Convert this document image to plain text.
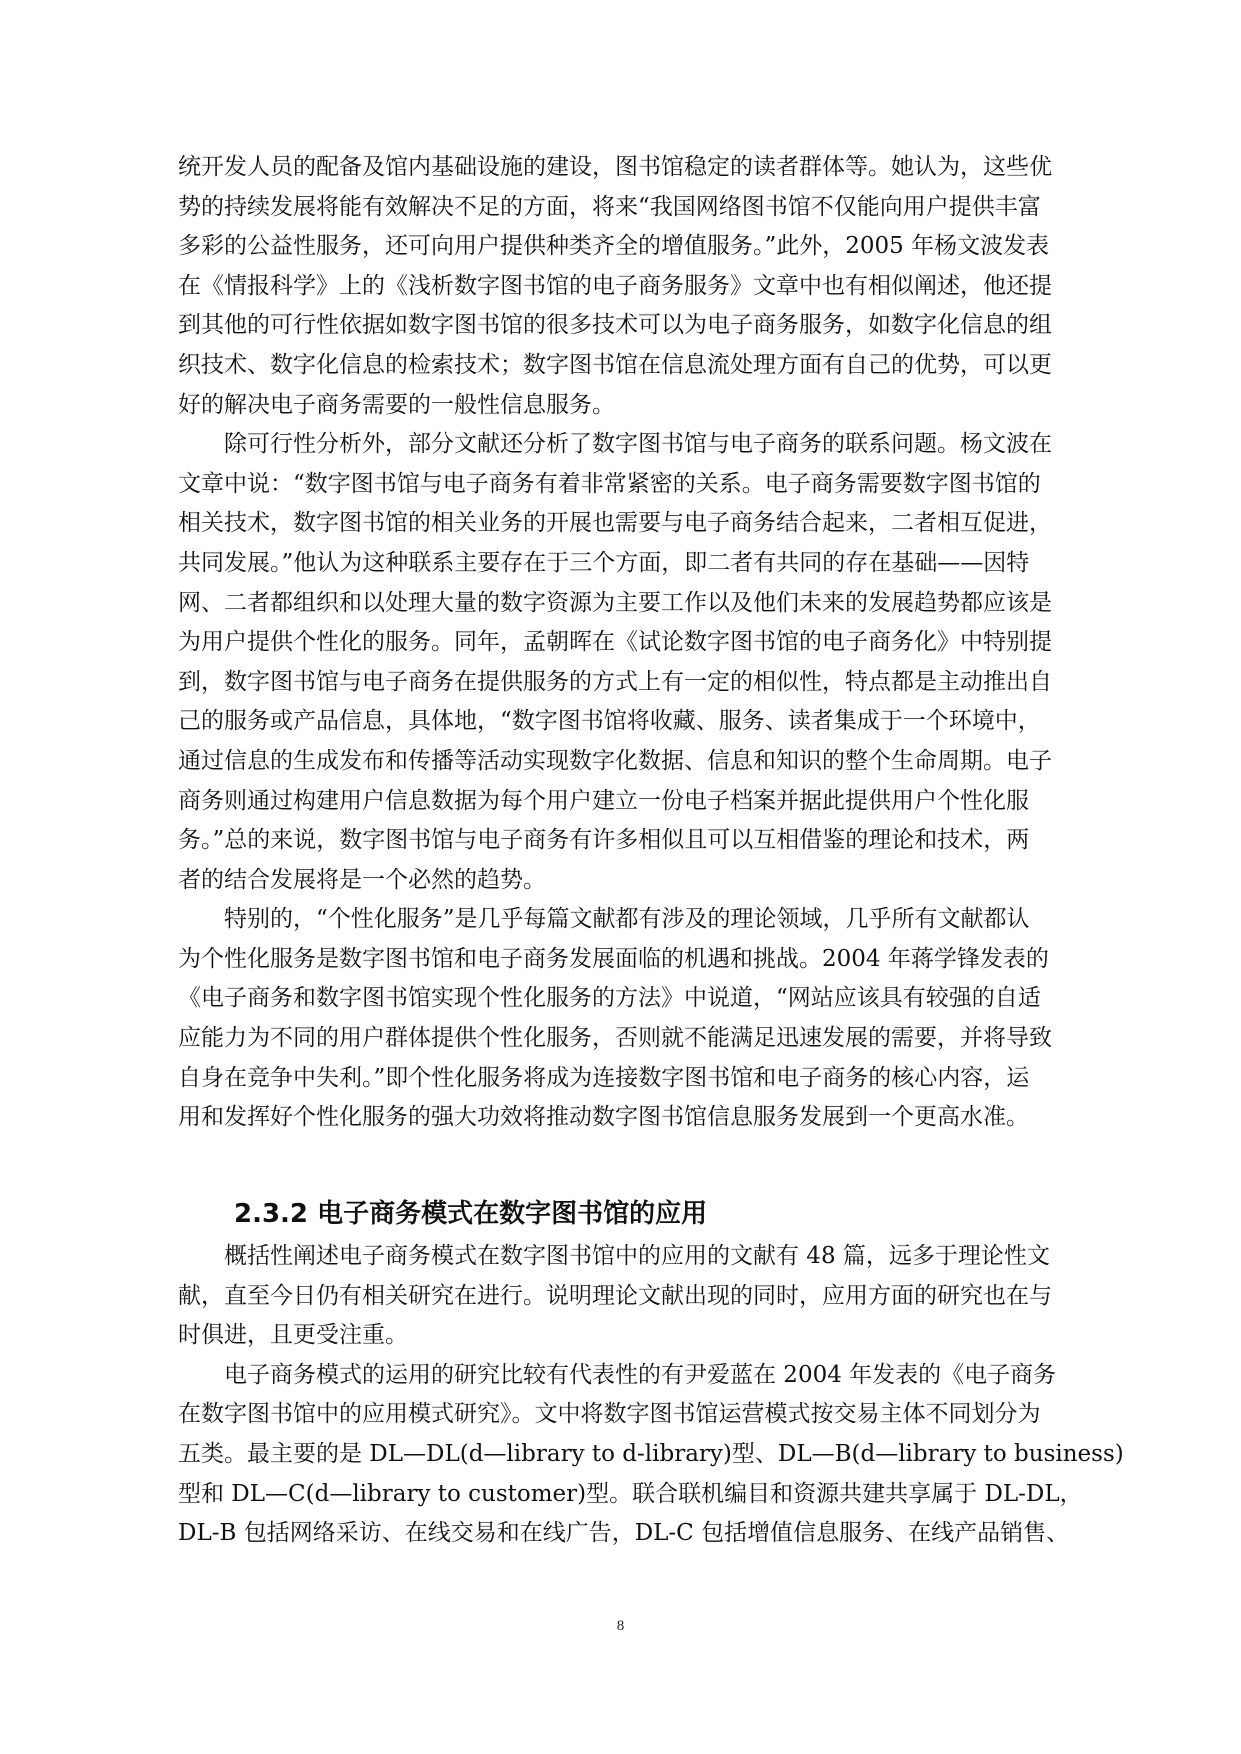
统开发人员的配备及馆内基础设施的建设，图书馆稳定的读者群体等。她认为，这些优
势的持续发展将能有效解决不足的方面，将来“我国网络图书馆不仅能向用户提供丰富
多彩的公益性服务，还可向用户提供种类齐全的增值服务。”此外，2005 年杨文波发表
在《情报科学》上的《浅析数字图书馆的电子商务服务》文章中也有相似阐述，他还提
到其他的可行性依据如数字图书馆的很多技术可以为电子商务服务，如数字化信息的组
织技术、数字化信息的检索技术；数字图书馆在信息流处理方面有自己的优势，可以更
好的解决电子商务需要的一般性信息服务。

除可行性分析外，部分文献还分析了数字图书馆与电子商务的联系问题。杨文波在
文章中说：“数字图书馆与电子商务有着非常紧密的关系。电子商务需要数字图书馆的
相关技术，数字图书馆的相关业务的开展也需要与电子商务结合起来，二者相互促进，
共同发展。”他认为这种联系主要存在于三个方面，即二者有共同的存在基础——因特
网、二者都组织和以处理大量的数字资源为主要工作以及他们未来的发展趋势都应该是
为用户提供个性化的服务。同年，孟朝晖在《试论数字图书馆的电子商务化》中特别提
到，数字图书馆与电子商务在提供服务的方式上有一定的相似性，特点都是主动推出自
己的服务或产品信息，具体地，“数字图书馆将收藏、服务、读者集成于一个环境中，
通过信息的生成发布和传播等活动实现数字化数据、信息和知识的整个生命周期。电子
商务则通过构建用户信息数据为每个用户建立一份电子档案并据此提供用户个性化服
务。”总的来说，数字图书馆与电子商务有许多相似且可以互相借鉴的理论和技术，两
者的结合发展将是一个必然的趋势。

特别的，“个性化服务”是几乎每篇文献都有涉及的理论领域，几乎所有文献都认
为个性化服务是数字图书馆和电子商务发展面临的机遇和挑战。2004 年蒋学锋发表的
《电子商务和数字图书馆实现个性化服务的方法》中说道，“网站应该具有较强的自适
应能力为不同的用户群体提供个性化服务，否则就不能满足迅速发展的需要，并将导致
自身在竞争中失利。”即个性化服务将成为连接数字图书馆和电子商务的核心内容，运
用和发挥好个性化服务的强大功效将推动数字图书馆信息服务发展到一个更高水准。

2.3.2 电子商务模式在数字图书馆的应用

概括性阐述电子商务模式在数字图书馆中的应用的文献有 48 篇，远多于理论性文
献，直至今日仍有相关研究在进行。说明理论文献出现的同时，应用方面的研究也在与
时俱进，且更受注重。

电子商务模式的运用的研究比较有代表性的有尹爱蓝在 2004 年发表的《电子商务
在数字图书馆中的应用模式研究》。文中将数字图书馆运营模式按交易主体不同划分为
五类。最主要的是 DL—DL(d—library to d-library)型、DL—B(d—library to business)
型和 DL—C(d—library to customer)型。联合联机编目和资源共建共享属于 DL-DL，
DL-B 包括网络采访、在线交易和在线广告，DL-C 包括增值信息服务、在线产品销售、

8
